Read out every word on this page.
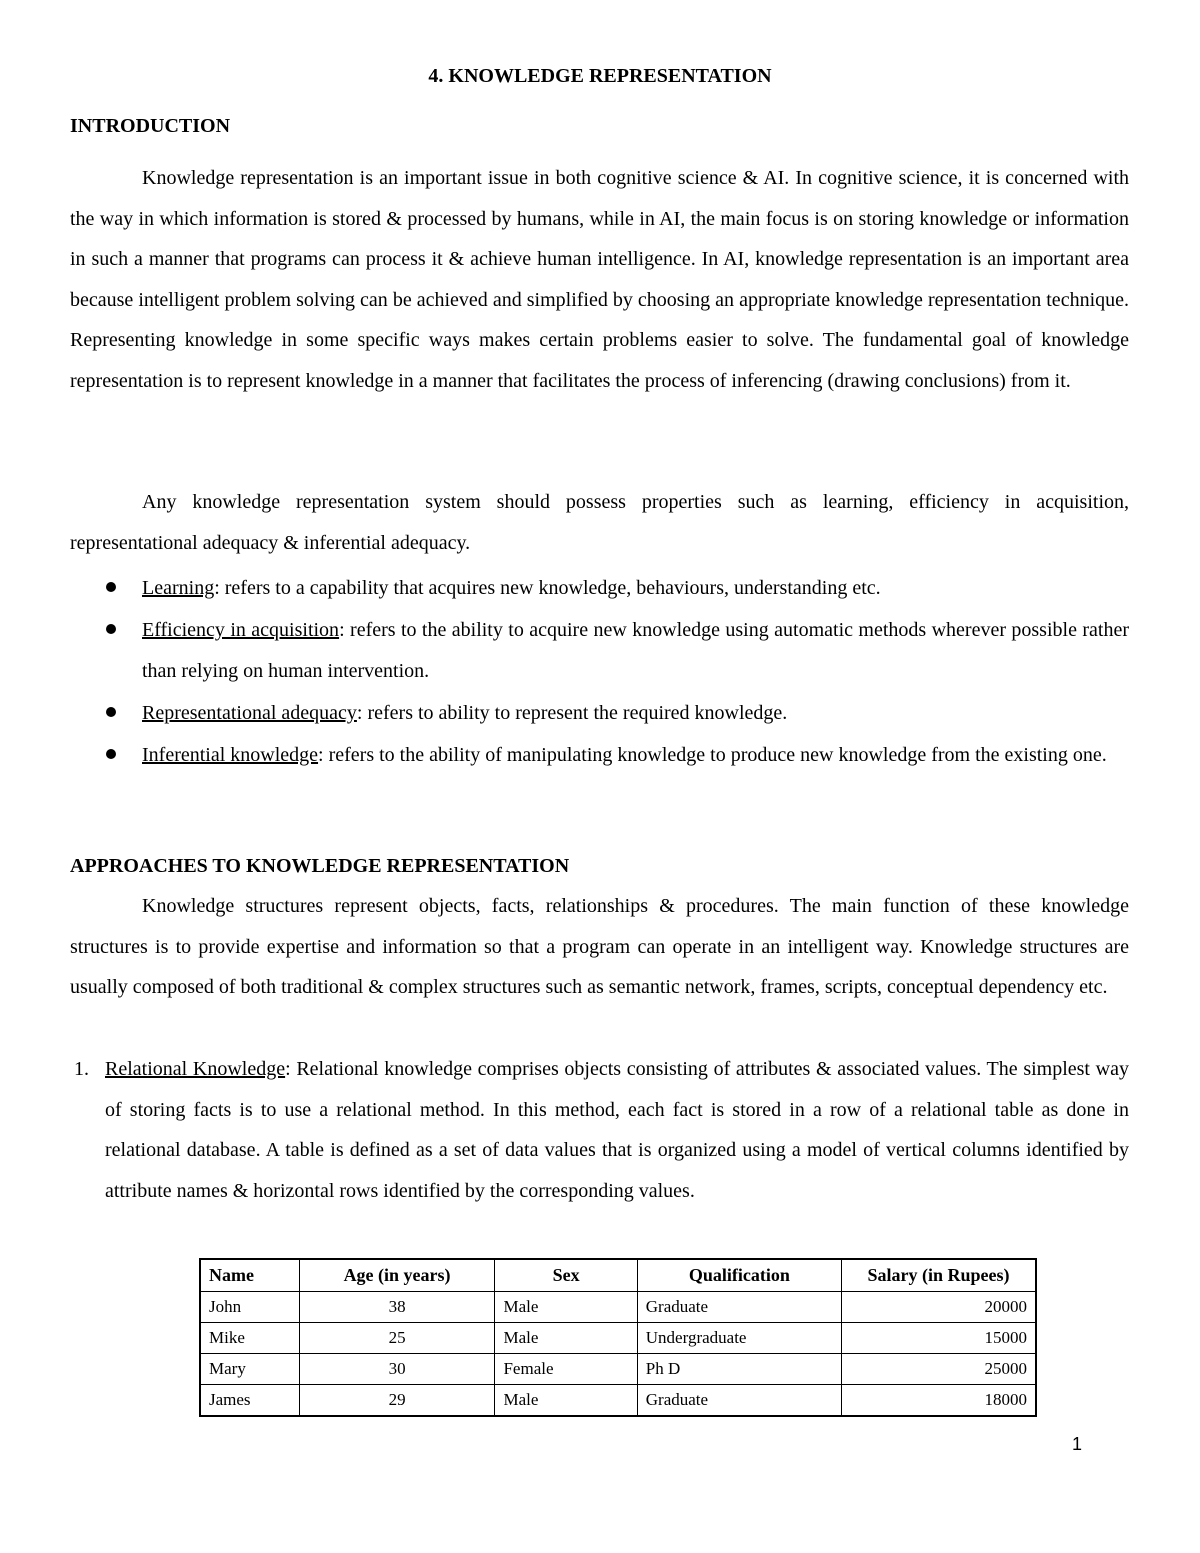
4. KNOWLEDGE REPRESENTATION
INTRODUCTION

Knowledge representation is an important issue in both cognitive science & AI. In cognitive science, it is concerned with the way in which information is stored & processed by humans, while in AI, the main focus is on storing knowledge or information in such a manner that programs can process it & achieve human intelligence. In AI, knowledge representation is an important area because intelligent problem solving can be achieved and simplified by choosing an appropriate knowledge representation technique. Representing knowledge in some specific ways makes certain problems easier to solve. The fundamental goal of knowledge representation is to represent knowledge in a manner that facilitates the process of inferencing (drawing conclusions) from it.

Any knowledge representation system should possess properties such as learning, efficiency in acquisition, representational adequacy & inferential adequacy.

Learning: refers to a capability that acquires new knowledge, behaviours, understanding etc.

Efficiency in acquisition: refers to the ability to acquire new knowledge using automatic methods wherever possible rather than relying on human intervention.

Representational adequacy: refers to ability to represent the required knowledge.

Inferential knowledge: refers to the ability of manipulating knowledge to produce new knowledge from the existing one.

APPROACHES TO KNOWLEDGE REPRESENTATION

Knowledge structures represent objects, facts, relationships & procedures. The main function of these knowledge structures is to provide expertise and information so that a program can operate in an intelligent way. Knowledge structures are usually composed of both traditional & complex structures such as semantic network, frames, scripts, conceptual dependency etc.

1. Relational Knowledge: Relational knowledge comprises objects consisting of attributes & associated values. The simplest way of storing facts is to use a relational method. In this method, each fact is stored in a row of a relational table as done in relational database. A table is defined as a set of data values that is organized using a model of vertical columns identified by attribute names & horizontal rows identified by the corresponding values.

Name	Age (in years)	Sex	Qualification	Salary (in Rupees)
John	38	Male	Graduate	20000
Mike	25	Male	Undergraduate	15000
Mary	30	Female	Ph D	25000
James	29	Male	Graduate	18000
1
